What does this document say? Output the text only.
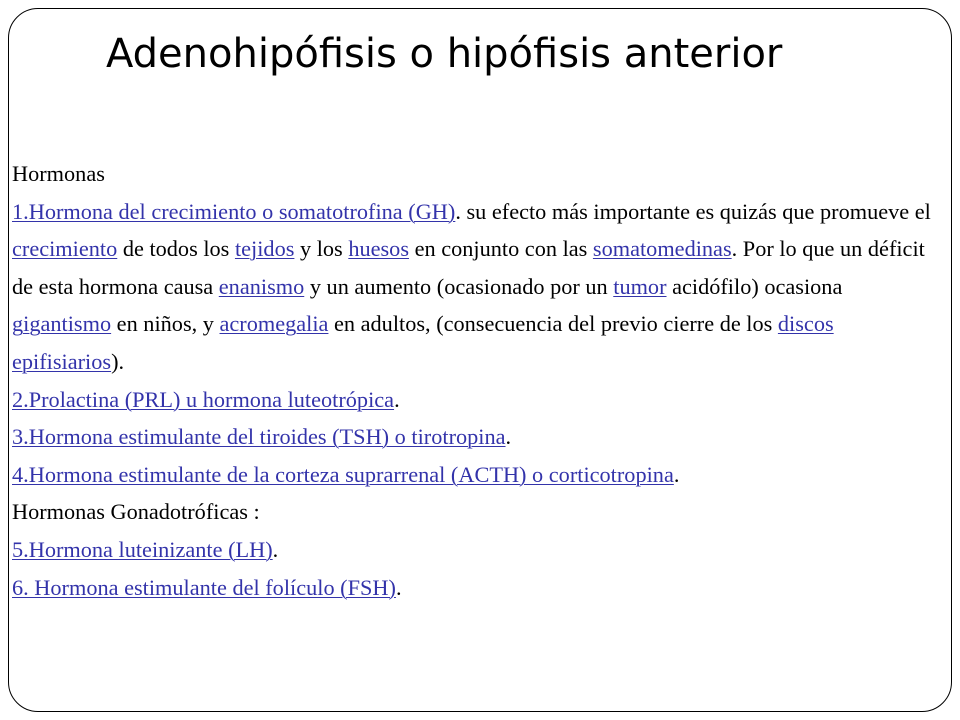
Adenohipófisis o hipófisis anterior

Hormonas

1.Hormona del crecimiento o somatotrofina (GH). su efecto más importante es quizás que promueve el crecimiento de todos los tejidos y los huesos en conjunto con las somatomedinas. Por lo que un déficit de esta hormona causa enanismo y un aumento (ocasionado por un tumor acidófilo) ocasiona gigantismo en niños, y acromegalia en adultos, (consecuencia del previo cierre de los discos epifisiarios).

2.Prolactina (PRL) u hormona luteotrópica.

3.Hormona estimulante del tiroides (TSH) o tirotropina.

4.Hormona estimulante de la corteza suprarrenal (ACTH) o corticotropina.

Hormonas Gonadotróficas :

5.Hormona luteinizante (LH).

6. Hormona estimulante del folículo (FSH).
